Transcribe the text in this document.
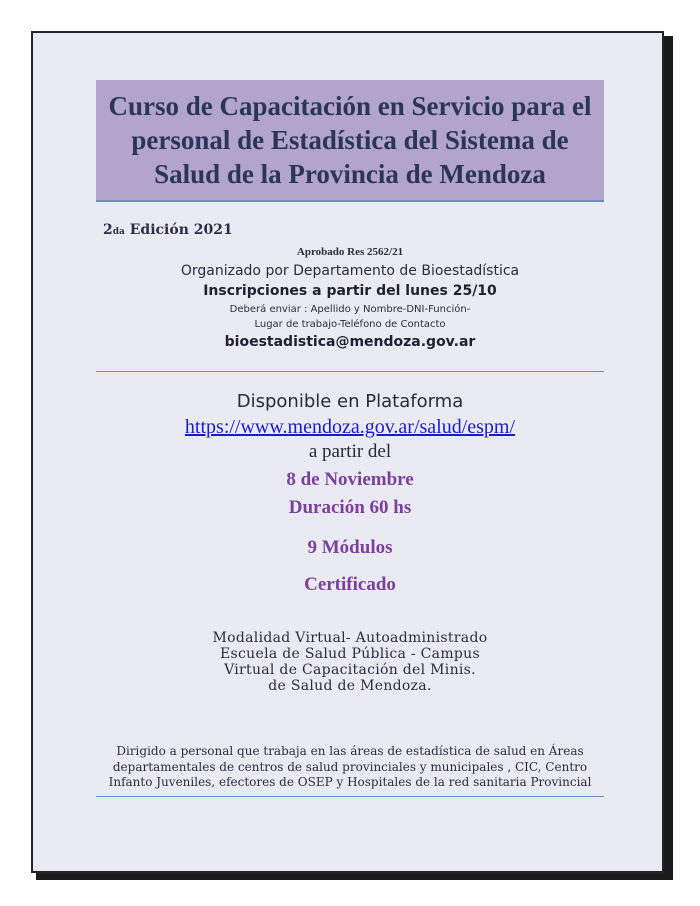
Curso de Capacitación en Servicio para el
personal de Estadística del Sistema de
Salud de la Provincia de Mendoza
2da Edición 2021
Aprobado Res 2562/21
Organizado por Departamento de Bioestadística
Inscripciones a partir del lunes 25/10
Deberá enviar : Apellido y Nombre-DNI-Función-
Lugar de trabajo-Teléfono de Contacto
bioestadistica@mendoza.gov.ar
Disponible en Plataforma
https://www.mendoza.gov.ar/salud/espm/
a partir del
8 de Noviembre
Duración 60 hs
9 Módulos
Certificado
Modalidad Virtual- Autoadministrado
Escuela de Salud Pública - Campus
Virtual de Capacitación del Minis.
de Salud de Mendoza.
Dirigido a personal que trabaja en las áreas de estadística de salud en Áreas
departamentales de centros de salud provinciales y municipales , CIC, Centro
Infanto Juveniles, efectores de OSEP y Hospitales de la red sanitaria Provincial
